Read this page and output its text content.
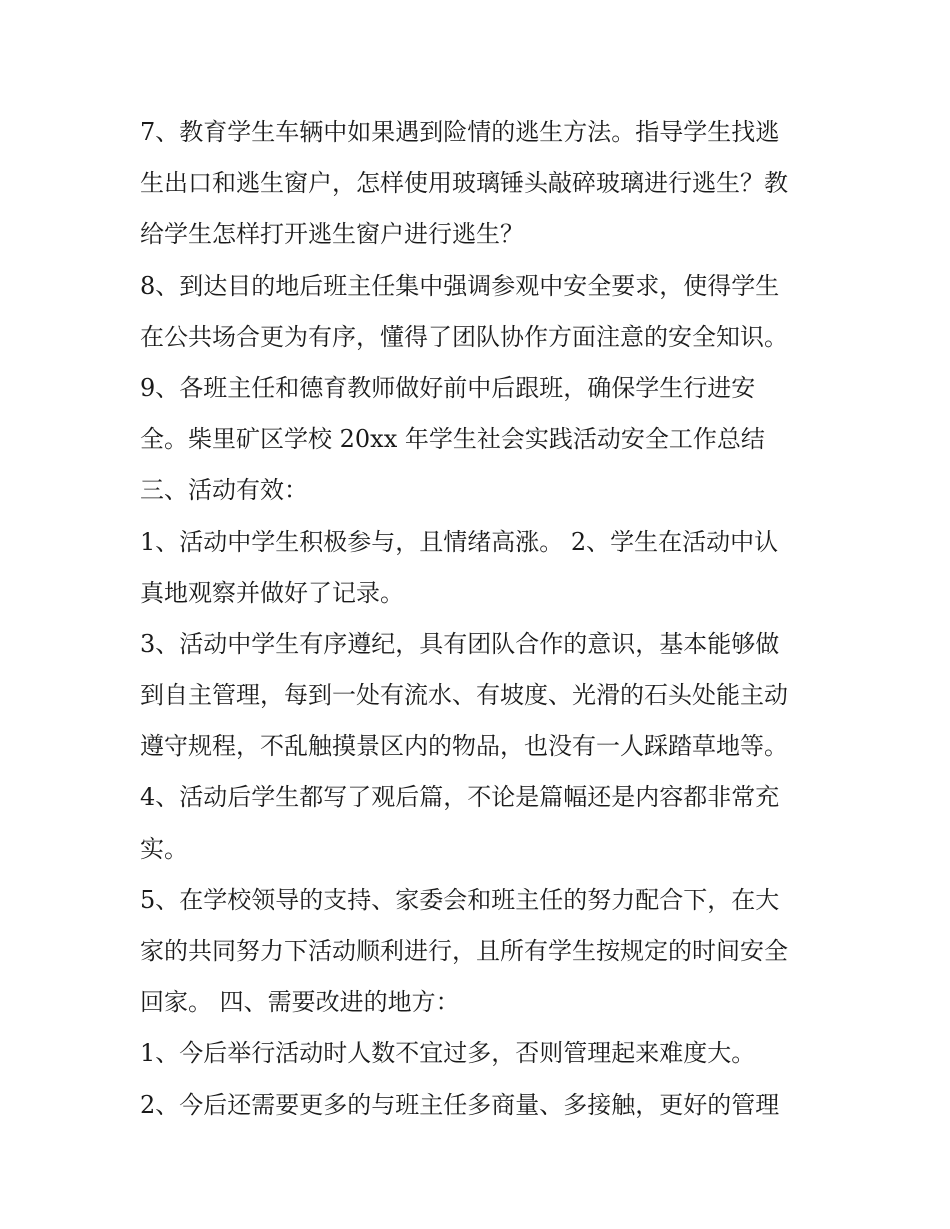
7、教育学生车辆中如果遇到险情的逃生方法。指导学生找逃
生出口和逃生窗户，怎样使用玻璃锤头敲碎玻璃进行逃生？教
给学生怎样打开逃生窗户进行逃生？
8、到达目的地后班主任集中强调参观中安全要求，使得学生
在公共场合更为有序，懂得了团队协作方面注意的安全知识。
9、各班主任和德育教师做好前中后跟班，确保学生行进安
全。柴里矿区学校 20xx 年学生社会实践活动安全工作总结
三、活动有效：
1、活动中学生积极参与，且情绪高涨。 2、学生在活动中认
真地观察并做好了记录。
3、活动中学生有序遵纪，具有团队合作的意识，基本能够做
到自主管理，每到一处有流水、有坡度、光滑的石头处能主动
遵守规程，不乱触摸景区内的物品，也没有一人踩踏草地等。
4、活动后学生都写了观后篇，不论是篇幅还是内容都非常充
实。
5、在学校领导的支持、家委会和班主任的努力配合下，在大
家的共同努力下活动顺利进行，且所有学生按规定的时间安全
回家。 四、需要改进的地方：
1、今后举行活动时人数不宜过多，否则管理起来难度大。
2、今后还需要更多的与班主任多商量、多接触，更好的管理
